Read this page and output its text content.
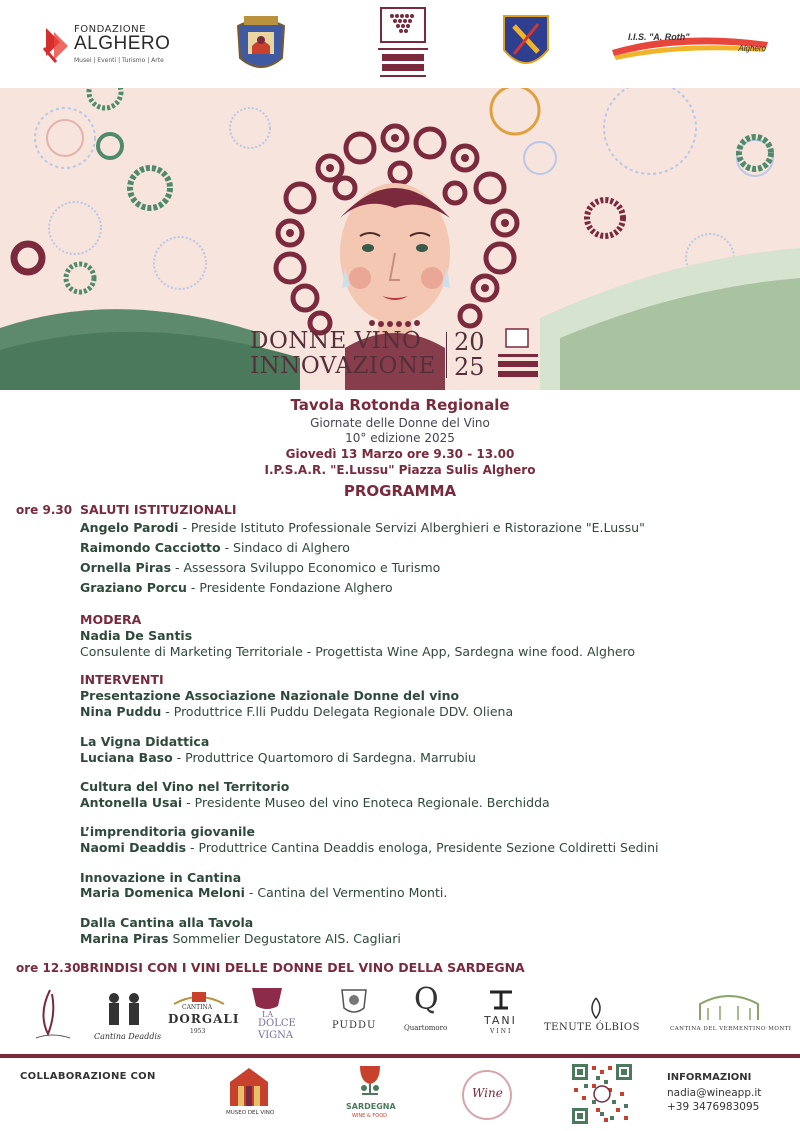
FONDAZIONE
ALGHERO
Musei | Eventi | Turismo | Arte
I.I.S. "A. Roth"
Alghero
DONNE VINO
INNOVAZIONE
20
25
Tavola Rotonda Regionale
Giornate delle Donne del Vino
10° edizione 2025
Giovedì 13 Marzo ore 9.30 - 13.00
I.P.S.A.R. "E.Lussu" Piazza Sulis Alghero
PROGRAMMA
ore 9.30 SALUTI ISTITUZIONALI
Angelo Parodi - Preside Istituto Professionale Servizi Alberghieri e Ristorazione "E.Lussu"
Raimondo Cacciotto - Sindaco di Alghero
Ornella Piras - Assessora Sviluppo Economico e Turismo
Graziano Porcu - Presidente Fondazione Alghero
MODERA
Nadia De Santis
Consulente di Marketing Territoriale - Progettista Wine App, Sardegna wine food. Alghero
INTERVENTI
Presentazione Associazione Nazionale Donne del vino
Nina Puddu - Produttrice F.lli Puddu Delegata Regionale DDV. Oliena
La Vigna Didattica
Luciana Baso - Produttrice Quartomoro di Sardegna. Marrubiu
Cultura del Vino nel Territorio
Antonella Usai - Presidente Museo del vino Enoteca Regionale. Berchidda
L’imprenditoria giovanile
Naomi Deaddis - Produttrice Cantina Deaddis enologa, Presidente Sezione Coldiretti Sedini
Innovazione in Cantina
Maria Domenica Meloni - Cantina del Vermentino Monti.
Dalla Cantina alla Tavola
Marina Piras Sommelier Degustatore AIS. Cagliari
ore 12.30 BRINDISI CON I VINI DELLE DONNE DEL VINO DELLA SARDEGNA
Cantina Deaddis
CANTINA
DORGALI
1953
LA
DOLCE
VIGNA
PUDDU
Q
Quartomoro
TANI
VINI	TENUTE ÓLBIOS	CANTINA DEL VERMENTINO·MONTI
COLLABORAZIONE CON
MUSEO DEL VINO
SARDEGNA
WINE & FOOD
Wine
INFORMAZIONI
nadia@wineapp.it
+39 3476983095
